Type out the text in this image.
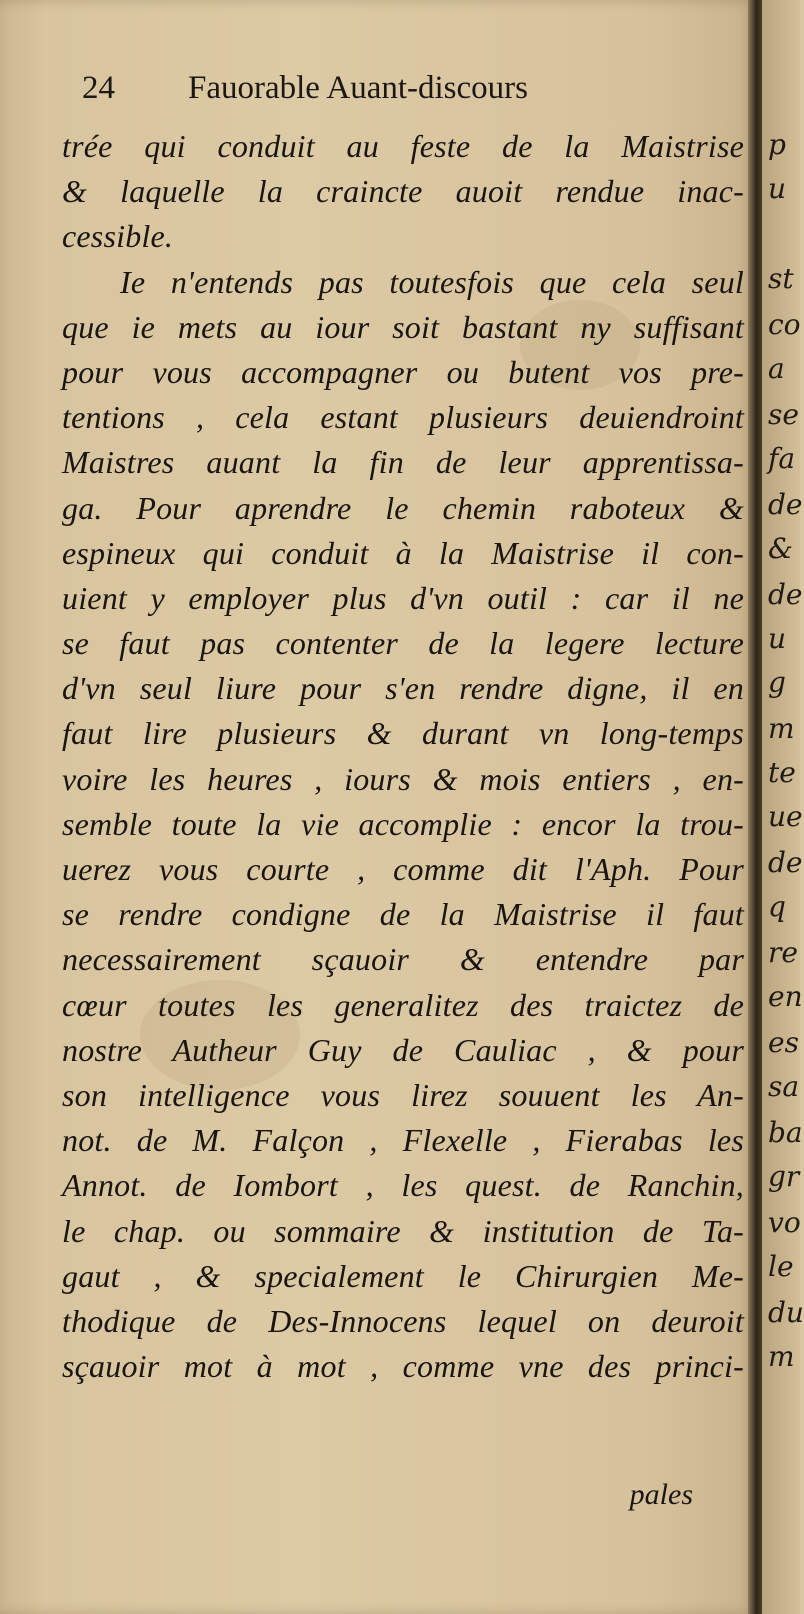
24 Fauorable Auant-discours
trée qui conduit au feste de la Maistrise
& laquelle la craincte auoit rendue inac-
cessible.
Ie n'entends pas toutesfois que cela seul
que ie mets au iour soit bastant ny suffisant
pour vous accompagner ou butent vos pre-
tentions , cela estant plusieurs deuiendroint
Maistres auant la fin de leur apprentissa-
ga. Pour aprendre le chemin raboteux &
espineux qui conduit à la Maistrise il con-
uient y employer plus d'vn outil : car il ne
se faut pas contenter de la legere lecture
d'vn seul liure pour s'en rendre digne, il en
faut lire plusieurs & durant vn long-temps
voire les heures , iours & mois entiers , en-
semble toute la vie accomplie : encor la trou-
uerez vous courte , comme dit l'Aph. Pour
se rendre condigne de la Maistrise il faut
necessairement sçauoir & entendre par
cœur toutes les generalitez des traictez de
nostre Autheur Guy de Cauliac , & pour
son intelligence vous lirez souuent les An-
not. de M. Falçon , Flexelle , Fierabas les
Annot. de Iombort , les quest. de Ranchin,
le chap. ou sommaire & institution de Ta-
gaut , & specialement le Chirurgien Me-
thodique de Des-Innocens lequel on deuroit
sçauoir mot à mot , comme vne des princi-
pales
p
u
st
co
a
se
fa
de
&
de
u
g
m
te
ue
de
q
re
en
es
sa
ba
gr
vo
le
du
m
